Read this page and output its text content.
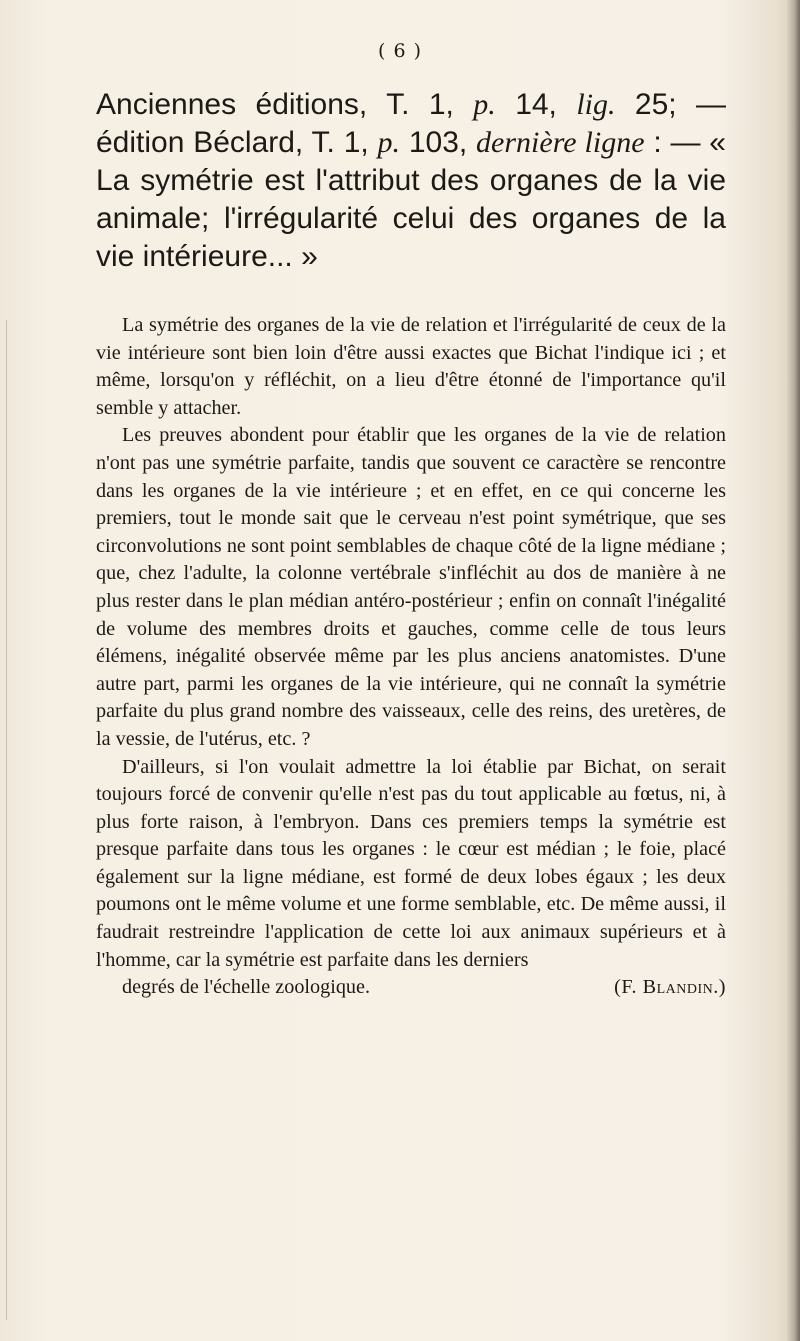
( 6 )

Anciennes éditions, T. 1, p. 14, lig. 25; — édition Béclard, T. 1, p. 103, dernière ligne : — « La symétrie est l'attribut des organes de la vie animale; l'irrégularité celui des organes de la vie intérieure... »

La symétrie des organes de la vie de relation et l'irrégularité de ceux de la vie intérieure sont bien loin d'être aussi exactes que Bichat l'indique ici ; et même, lorsqu'on y réfléchit, on a lieu d'être étonné de l'importance qu'il semble y attacher.

Les preuves abondent pour établir que les organes de la vie de relation n'ont pas une symétrie parfaite, tandis que souvent ce caractère se rencontre dans les organes de la vie intérieure ; et en effet, en ce qui concerne les premiers, tout le monde sait que le cerveau n'est point symétrique, que ses circonvolutions ne sont point semblables de chaque côté de la ligne médiane ; que, chez l'adulte, la colonne vertébrale s'infléchit au dos de manière à ne plus rester dans le plan médian antéro-postérieur ; enfin on connaît l'inégalité de volume des membres droits et gauches, comme celle de tous leurs élémens, inégalité observée même par les plus anciens anatomistes. D'une autre part, parmi les organes de la vie intérieure, qui ne connaît la symétrie parfaite du plus grand nombre des vaisseaux, celle des reins, des uretères, de la vessie, de l'utérus, etc. ?

D'ailleurs, si l'on voulait admettre la loi établie par Bichat, on serait toujours forcé de convenir qu'elle n'est pas du tout applicable au fœtus, ni, à plus forte raison, à l'embryon. Dans ces premiers temps la symétrie est presque parfaite dans tous les organes : le cœur est médian ; le foie, placé également sur la ligne médiane, est formé de deux lobes égaux ; les deux poumons ont le même volume et une forme semblable, etc. De même aussi, il faudrait restreindre l'application de cette loi aux animaux supérieurs et à l'homme, car la symétrie est parfaite dans les derniers

degrés de l'échelle zoologique.	(F. Blandin.)
